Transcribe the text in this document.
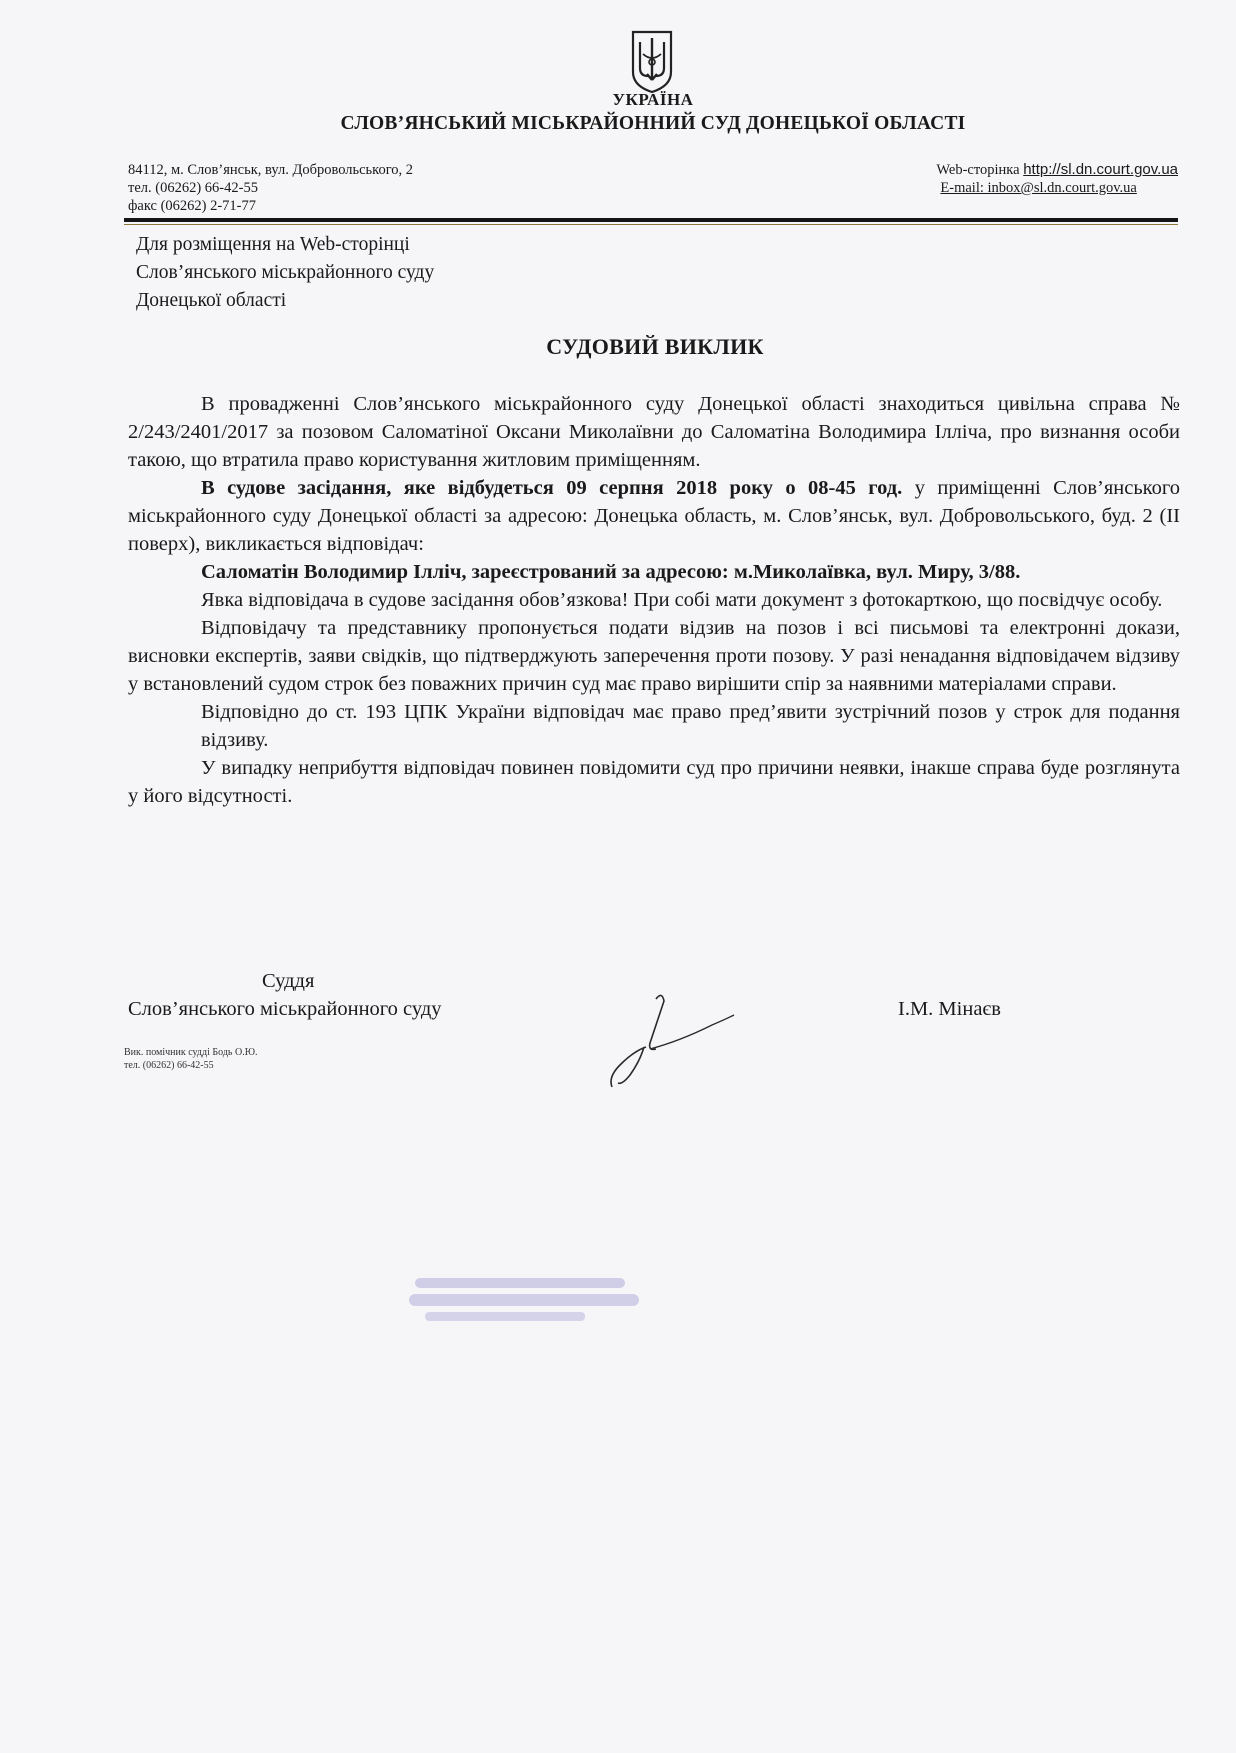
УКРАЇНА
СЛОВ’ЯНСЬКИЙ МІСЬКРАЙОННИЙ СУД ДОНЕЦЬКОЇ ОБЛАСТІ
84112, м. Слов’янськ, вул. Добровольського, 2
тел. (06262) 66-42-55
факс (06262) 2-71-77
Web-сторінка http://sl.dn.court.gov.ua
E-mail: inbox@sl.dn.court.gov.ua
Для розміщення на Web-сторінці
Слов’янського міськрайонного суду
Донецької області
СУДОВИЙ ВИКЛИК

В провадженні Слов’янського міськрайонного суду Донецької області знаходиться цивільна справа № 2/243/2401/2017 за позовом Саломатіної Оксани Миколаївни до Саломатіна Володимира Ілліча, про визнання особи такою, що втратила право користування житловим приміщенням.

В судове засідання, яке відбудеться 09 серпня 2018 року о 08-45 год. у приміщенні Слов’янського міськрайонного суду Донецької області за адресою: Донецька область, м. Слов’янськ, вул. Добровольського, буд. 2 (II поверх), викликається відповідач:

Саломатін Володимир Ілліч, зареєстрований за адресою: м.Миколаївка, вул. Миру, 3/88.

Явка відповідача в судове засідання обов’язкова! При собі мати документ з фотокарткою, що посвідчує особу.

Відповідачу та представнику пропонується подати відзив на позов і всі письмові та електронні докази, висновки експертів, заяви свідків, що підтверджують заперечення проти позову. У разі ненадання відповідачем відзиву у встановлений судом строк без поважних причин суд має право вирішити спір за наявними матеріалами справи.

Відповідно до ст. 193 ЦПК України відповідач має право пред’явити зустрічний позов у строк для подання відзиву.

У випадку неприбуття відповідач повинен повідомити суд про причини неявки, інакше справа буде розглянута у його відсутності.

Суддя
Слов’янського міськрайонного суду	І.М. Мінаєв
Вик. помічник судді Бодь О.Ю.
тел. (06262) 66-42-55
